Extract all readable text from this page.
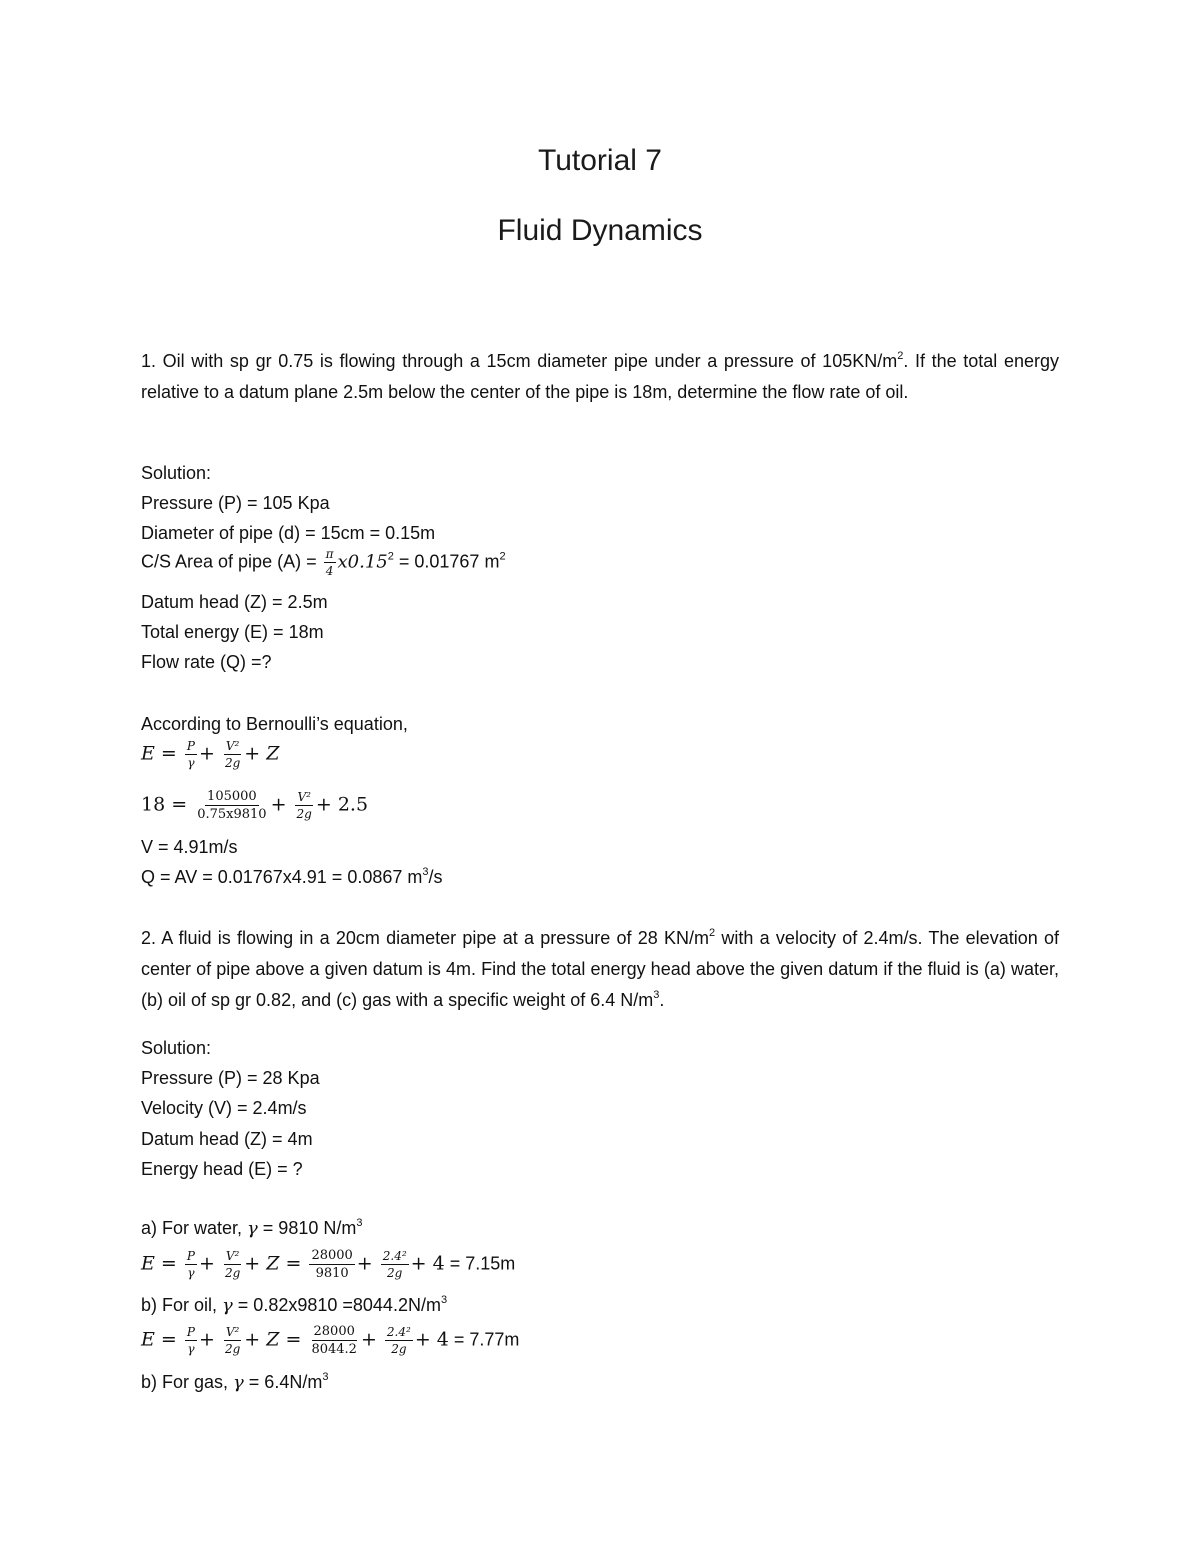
Tutorial 7
Fluid Dynamics
1. Oil with sp gr 0.75 is flowing through a 15cm diameter pipe under a pressure of $105KN/m^2$. If the total energy relative to a datum plane 2.5m below the center of the pipe is 18m, determine the flow rate of oil.
Solution:
Pressure (P) = 105 Kpa
Diameter of pipe (d) = 15cm = 0.15m
C/S Area of pipe $(A) = \frac{\pi}{4} x0.15^2 = 0.01767$ $m^2$
Datum head (Z) = 2.5m
Total energy (E) = 18m
Flow rate (Q) =?
According to Bernoulli’s equation,
$E = \frac{P}{\gamma} + \frac{\text{V²}}{2g} + Z$
$18 = \frac{105000}{0.75x9810} + \frac{\text{V²}}{2g} + 2.5$
V = 4.91m/s
Q = AV = 0.01767x4.91 = 0.0867 $m^3/s$
2. A fluid is flowing in a 20cm diameter pipe at a pressure of 28 $KN/m^2$ with a velocity of 2.4m/s. The elevation of center of pipe above a given datum is 4m. Find the total energy head above the given datum if the fluid is (a) water, (b) oil of sp gr 0.82, and (c) gas with a specific weight of 6.4 $N/m^3$.
Solution:
Pressure (P) = 28 Kpa
Velocity (V) = 2.4m/s
Datum head (Z) = 4m
Energy head (E) = ?
a) For water, γ = 9810 $N/m^3$
$E = \frac{P}{\gamma} + \frac{\text{V²}}{2g} + Z = \frac{28000}{9810} + \frac{\text{2.4²}}{2g} + 4 = 7.15m$
b) For oil, $\gamma = 0.82x9810 =8044.2N/m^3$
$E = \frac{P}{\gamma} + \frac{\text{V²}}{2g} + Z = \frac{28000}{8044.2} + \frac{\text{2.4²}}{2g} + 4 = 7.77m$
b) For gas, $\gamma = 6.4N/m^3$
